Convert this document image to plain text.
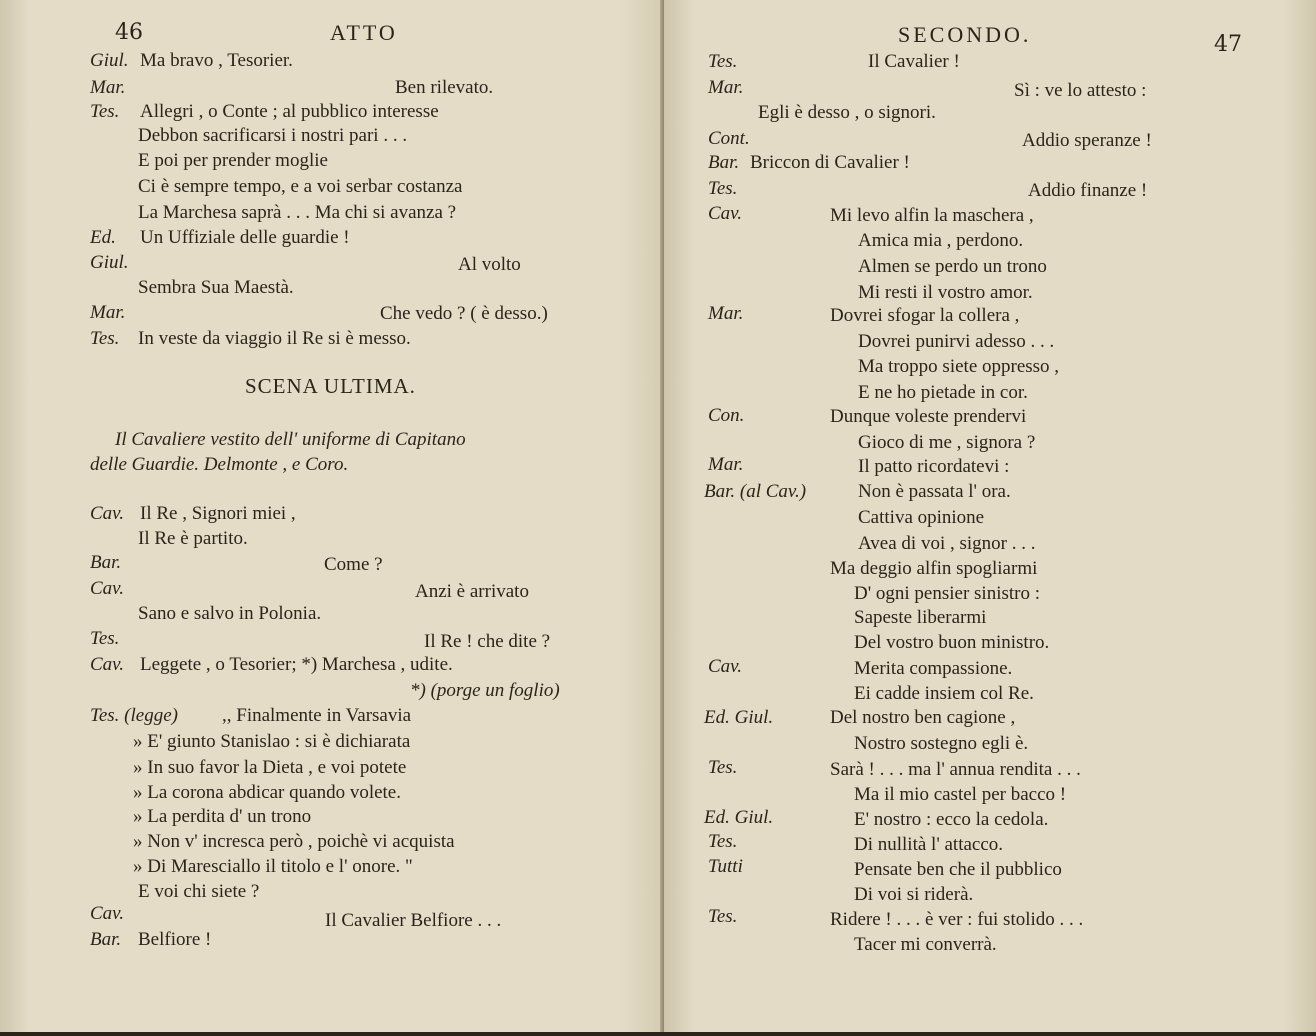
46	ATTO
Giul. Ma bravo , Tesorier.
Mar.	Ben rilevato.
Tes. Allegri , o Conte ; al pubblico interesse
Debbon sacrificarsi i nostri pari . . .
E poi per prender moglie
Ci è sempre tempo, e a voi serbar costanza
La Marchesa saprà . . . Ma chi si avanza ?
Ed. Un Uffiziale delle guardie !
Giul.	Al volto
Sembra Sua Maestà.
Mar.	Che vedo ? ( è desso.)
Tes. In veste da viaggio il Re si è messo.
SCENA ULTIMA.
Il Cavaliere vestito dell' uniforme di Capitano
delle Guardie. Delmonte , e Coro.
Cav. Il Re , Signori miei ,
Il Re è partito.
Bar.	Come ?
Cav.	Anzi è arrivato
Sano e salvo in Polonia.
Tes.	Il Re ! che dite ?
Cav. Leggete , o Tesorier; *) Marchesa , udite.
*) (porge un foglio)
Tes. (legge) ,, Finalmente in Varsavia
» E' giunto Stanislao : si è dichiarata
» In suo favor la Dieta , e voi potete
» La corona abdicar quando volete.
» La perdita d' un trono
» Non v' incresca però , poichè vi acquista
» Di Maresciallo il titolo e l' onore. "
E voi chi siete ?
Cav.	Il Cavalier Belfiore . . .
Bar. Belfiore !
SECONDO.	47
Tes.	Il Cavalier !
Mar.	Sì : ve lo attesto :
Egli è desso , o signori.
Cont.	Addio speranze !
Bar. Briccon di Cavalier !
Tes.	Addio finanze !
Cav.	Mi levo alfin la maschera ,
Amica mia , perdono.
Almen se perdo un trono
Mi resti il vostro amor.
Mar.	Dovrei sfogar la collera ,
Dovrei punirvi adesso . . .
Ma troppo siete oppresso ,
E ne ho pietade in cor.
Con.	Dunque voleste prendervi
Gioco di me , signora ?
Mar.	Il patto ricordatevi :
Bar. (al Cav.)	Non è passata l' ora.
Cattiva opinione
Avea di voi , signor . . .
Ma deggio alfin spogliarmi
D' ogni pensier sinistro :
Sapeste liberarmi
Del vostro buon ministro.
Cav.	Merita compassione.
Ei cadde insiem col Re.
Ed. Giul.	Del nostro ben cagione ,
Nostro sostegno egli è.
Tes.	Sarà ! . . . ma l' annua rendita . . .
Ma il mio castel per bacco !
Ed. Giul.	E' nostro : ecco la cedola.
Tes.	Di nullità l' attacco.
Tutti	Pensate ben che il pubblico
Di voi si riderà.
Tes.	Ridere ! . . . è ver : fui stolido . . .
Tacer mi converrà.
